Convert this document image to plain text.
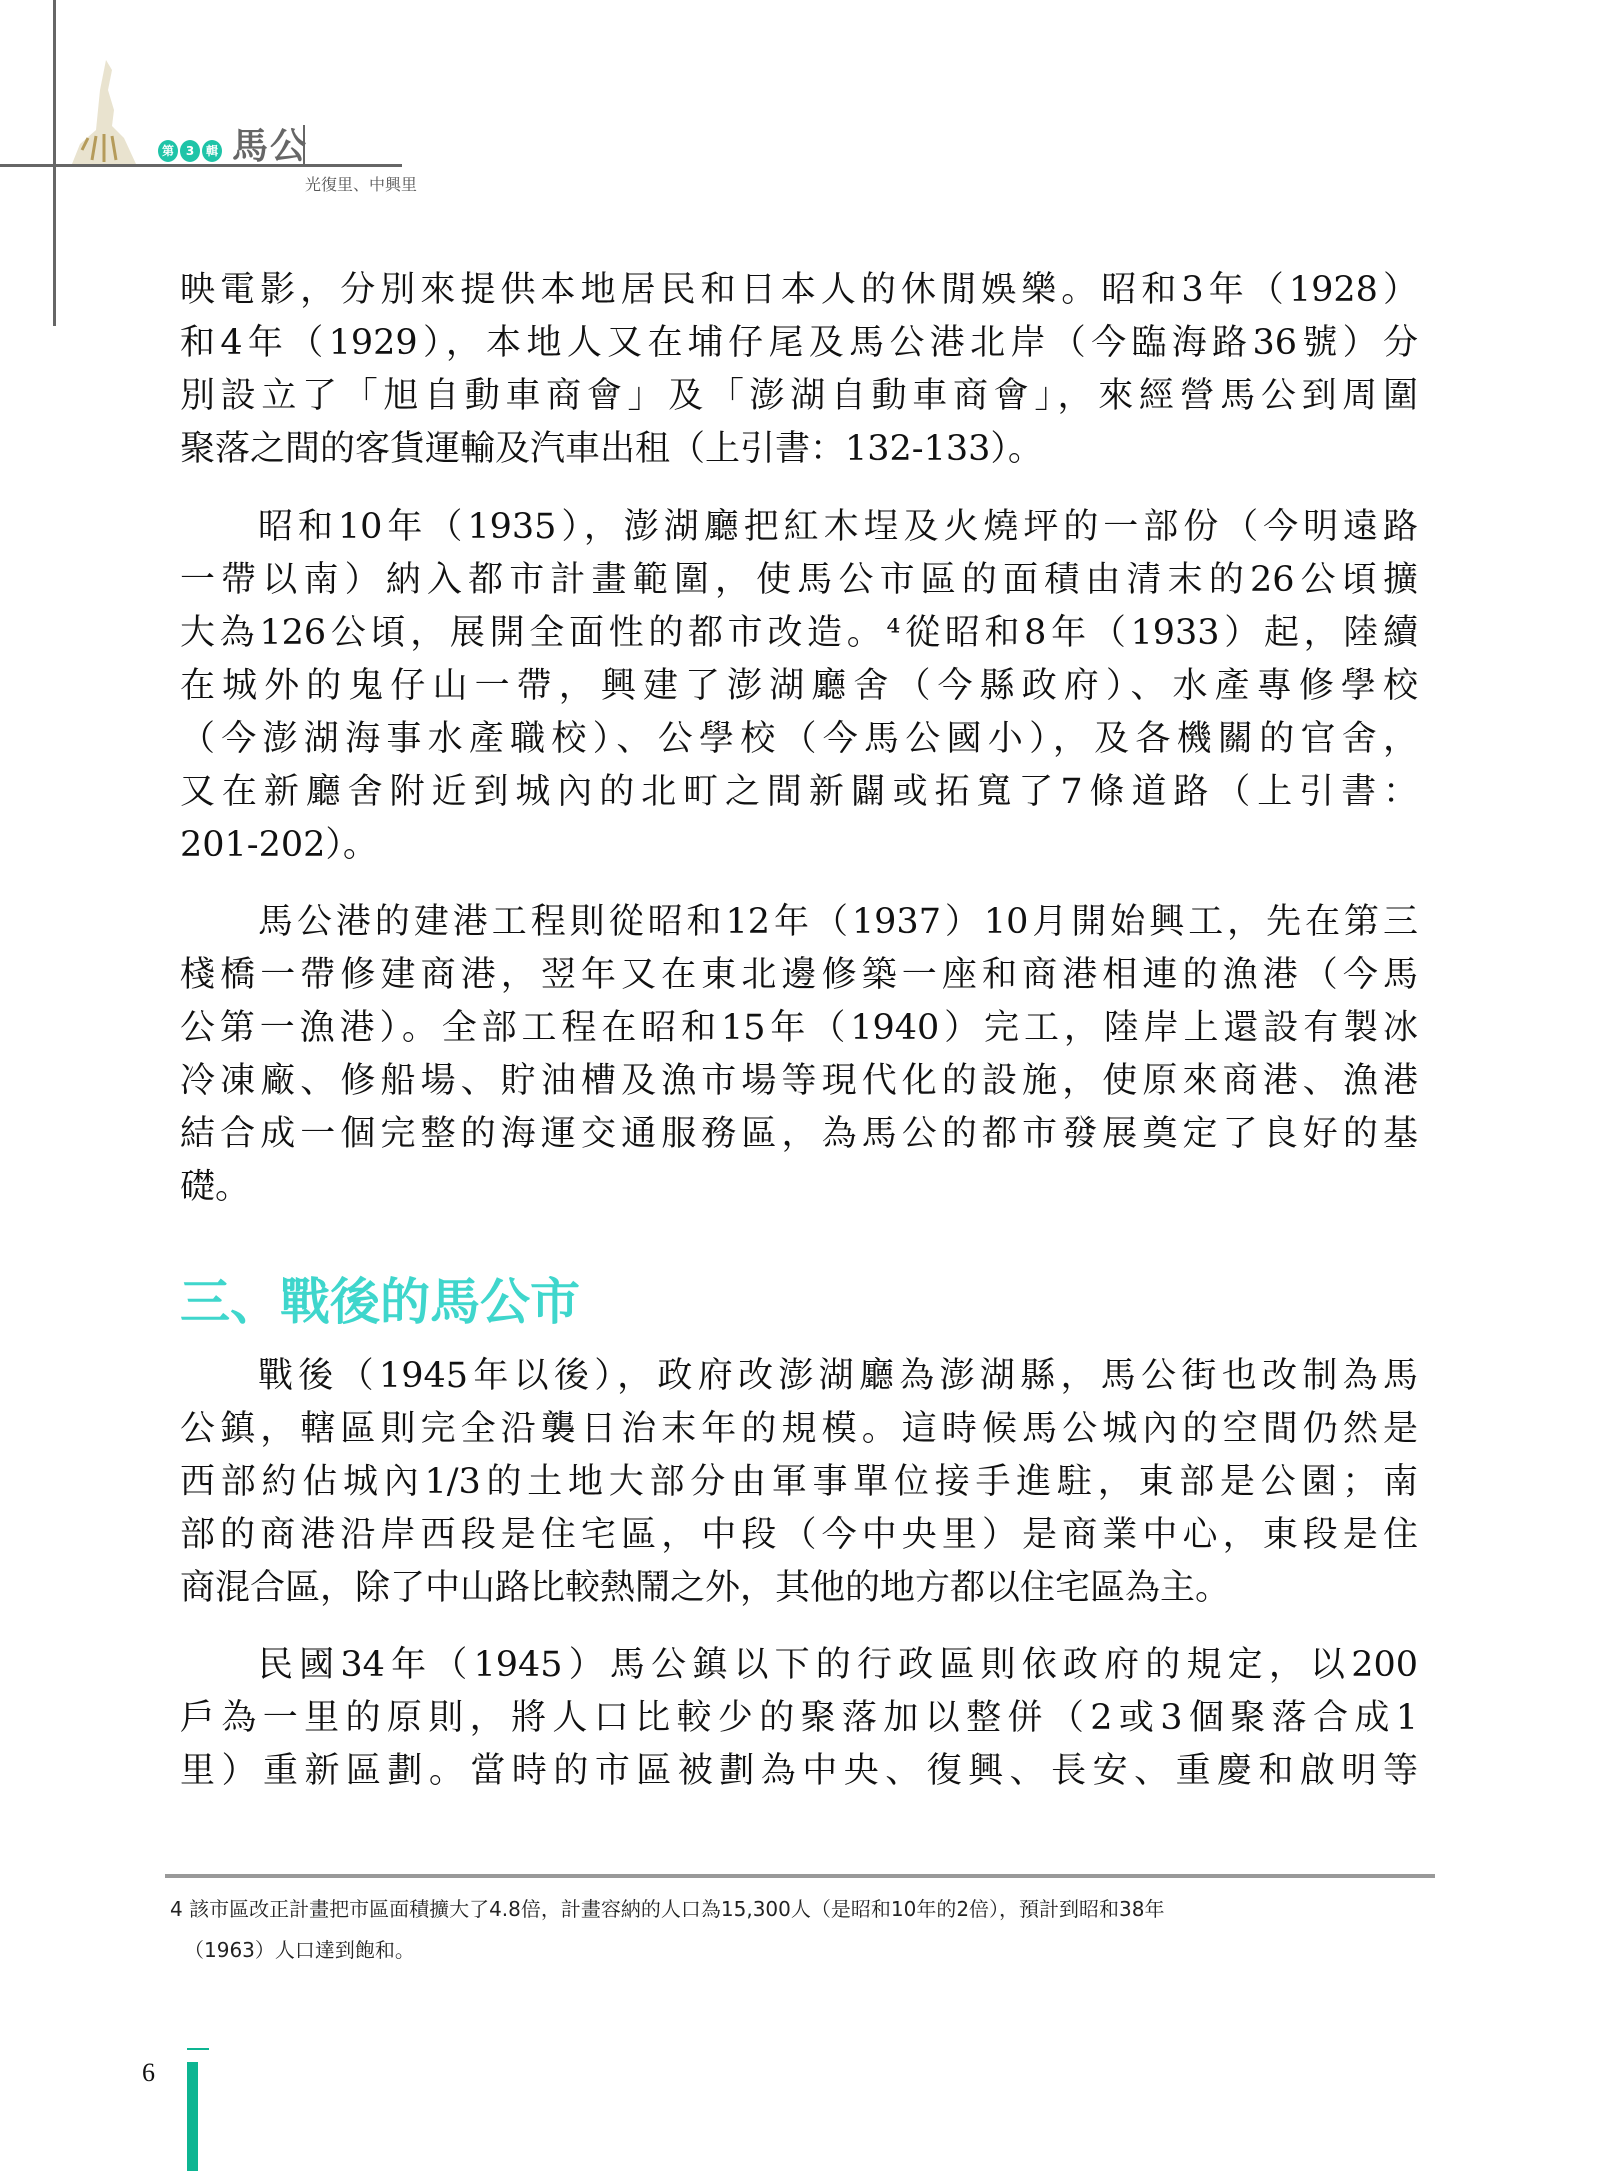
第 3 輯 馬公
光復里、中興里
映電影，分別來提供本地居民和日本人的休閒娛樂。昭和3年（1928）
和4年（1929），本地人又在埔仔尾及馬公港北岸（今臨海路36號）分
別設立了「旭自動車商會」及「澎湖自動車商會」，來經營馬公到周圍
聚落之間的客貨運輸及汽車出租（上引書：132-133）。
昭和10年（1935），澎湖廳把紅木埕及火燒坪的一部份（今明遠路
一帶以南）納入都市計畫範圍，使馬公市區的面積由清末的26公頃擴
大為126公頃，展開全面性的都市改造。⁴從昭和8年（1933）起，陸續
在城外的鬼仔山一帶，興建了澎湖廳舍（今縣政府）、水產專修學校
（今澎湖海事水產職校）、公學校（今馬公國小），及各機關的官舍，
又在新廳舍附近到城內的北町之間新闢或拓寬了7條道路（上引書：
201-202）。
馬公港的建港工程則從昭和12年（1937）10月開始興工，先在第三
棧橋一帶修建商港，翌年又在東北邊修築一座和商港相連的漁港（今馬
公第一漁港）。全部工程在昭和15年（1940）完工，陸岸上還設有製冰
冷凍廠、修船場、貯油槽及漁市場等現代化的設施，使原來商港、漁港
結合成一個完整的海運交通服務區，為馬公的都市發展奠定了良好的基
礎。
戰後（1945年以後），政府改澎湖廳為澎湖縣，馬公街也改制為馬
公鎮，轄區則完全沿襲日治末年的規模。這時候馬公城內的空間仍然是
西部約佔城內1/3的土地大部分由軍事單位接手進駐，東部是公園；南
部的商港沿岸西段是住宅區，中段（今中央里）是商業中心，東段是住
商混合區，除了中山路比較熱鬧之外，其他的地方都以住宅區為主。
民國34年（1945）馬公鎮以下的行政區則依政府的規定，以200
戶為一里的原則，將人口比較少的聚落加以整併（2或3個聚落合成1
里）重新區劃。當時的市區被劃為中央、復興、長安、重慶和啟明等
三、戰後的馬公市
4 該市區改正計畫把市區面積擴大了4.8倍，計畫容納的人口為15,300人（是昭和10年的2倍），預計到昭和38年
（1963）人口達到飽和。
6
